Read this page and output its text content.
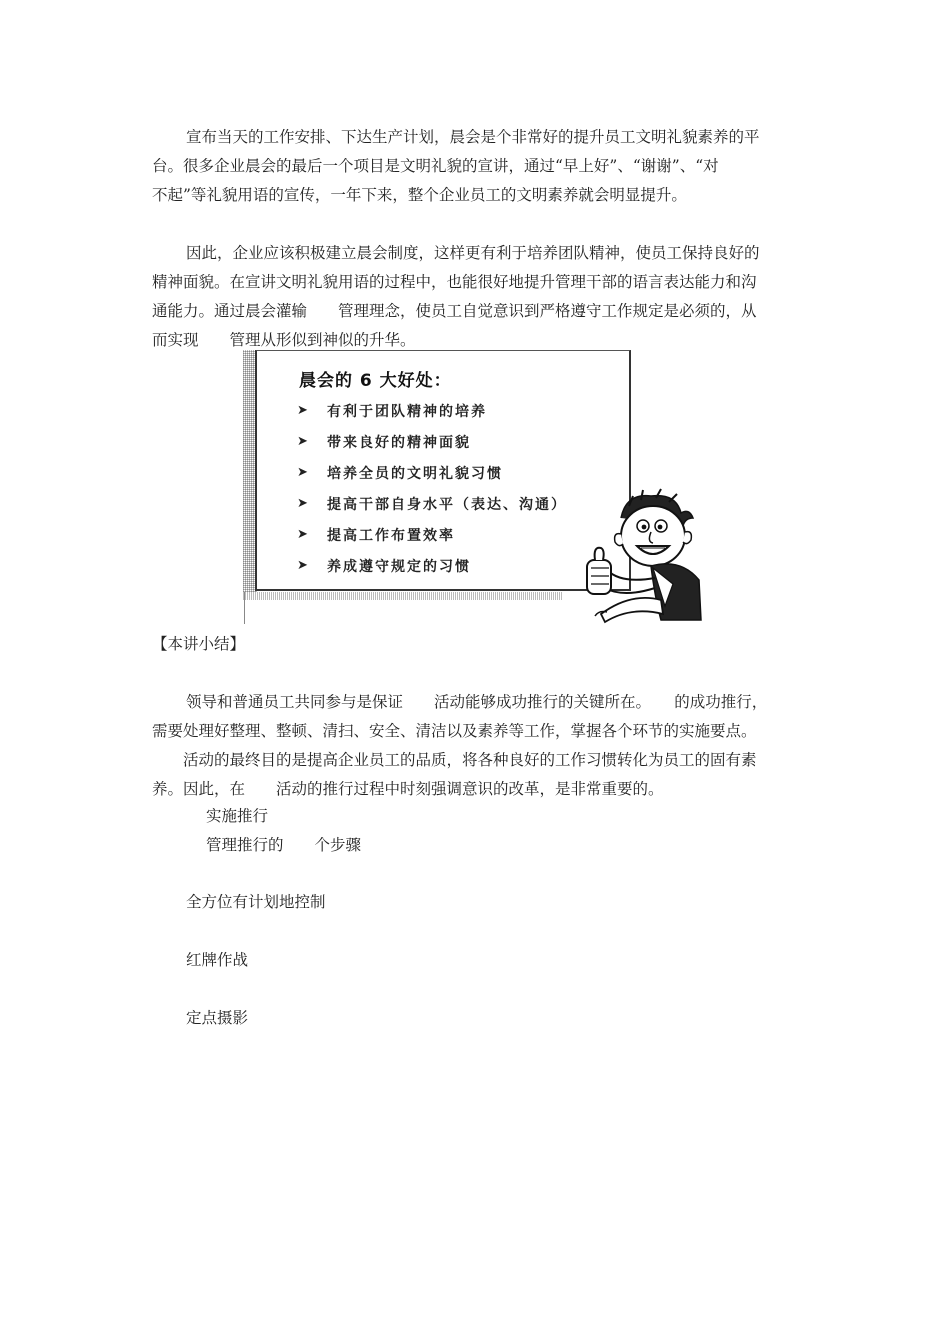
宣布当天的工作安排、下达生产计划，晨会是个非常好的提升员工文明礼貌素养的平
台。很多企业晨会的最后一个项目是文明礼貌的宣讲，通过“早上好”、“谢谢”、“对
不起”等礼貌用语的宣传，一年下来，整个企业员工的文明素养就会明显提升。
因此，企业应该积极建立晨会制度，这样更有利于培养团队精神，使员工保持良好的
精神面貌。在宣讲文明礼貌用语的过程中，也能很好地提升管理干部的语言表达能力和沟
通能力。通过晨会灌输　　管理理念，使员工自觉意识到严格遵守工作规定是必须的，从
而实现　　管理从形似到神似的升华。
晨会的 6 大好处：
➤	有利于团队精神的培养
➤	带来良好的精神面貌
➤	培养全员的文明礼貌习惯
➤	提高干部自身水平（表达、沟通）
➤	提高工作布置效率
➤	养成遵守规定的习惯
【本讲小结】
领导和普通员工共同参与是保证　　活动能够成功推行的关键所在。　　的成功推行，
需要处理好整理、整顿、清扫、安全、清洁以及素养等工作，掌握各个环节的实施要点。
　　活动的最终目的是提高企业员工的品质，将各种良好的工作习惯转化为员工的固有素
养。因此，在　　活动的推行过程中时刻强调意识的改革，是非常重要的。
实施推行
管理推行的　　个步骤
全方位有计划地控制
红牌作战
定点摄影
